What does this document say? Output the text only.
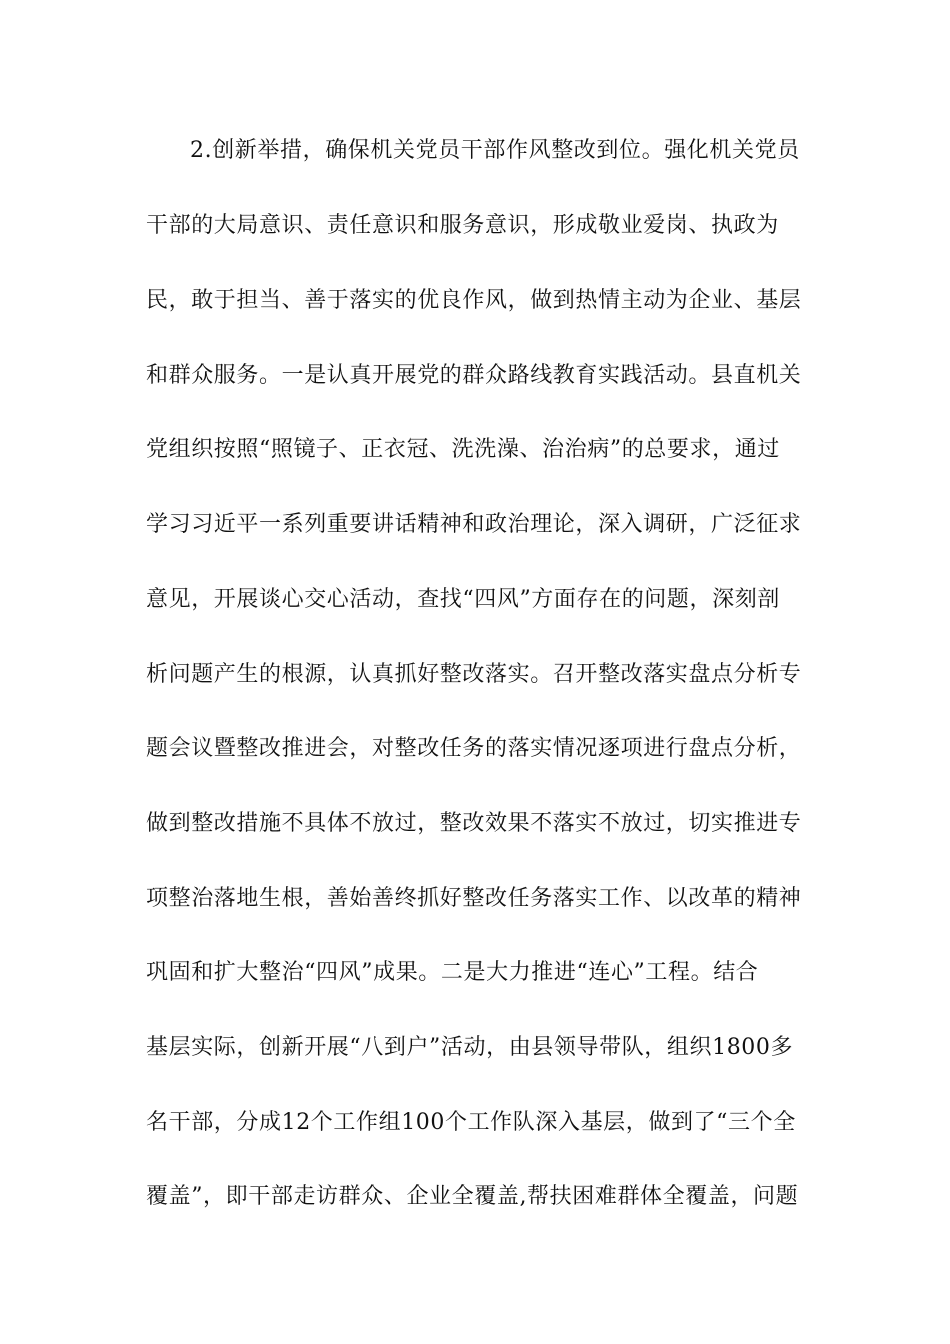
2.创新举措，确保机关党员干部作风整改到位。强化机关党员
干部的大局意识、责任意识和服务意识，形成敬业爱岗、执政为
民，敢于担当、善于落实的优良作风，做到热情主动为企业、基层
和群众服务。一是认真开展党的群众路线教育实践活动。县直机关
党组织按照“照镜子、正衣冠、洗洗澡、治治病”的总要求，通过
学习习近平一系列重要讲话精神和政治理论，深入调研，广泛征求
意见，开展谈心交心活动，查找“四风”方面存在的问题，深刻剖
析问题产生的根源，认真抓好整改落实。召开整改落实盘点分析专
题会议暨整改推进会，对整改任务的落实情况逐项进行盘点分析，
做到整改措施不具体不放过，整改效果不落实不放过，切实推进专
项整治落地生根，善始善终抓好整改任务落实工作、以改革的精神
巩固和扩大整治“四风”成果。二是大力推进“连心”工程。结合
基层实际，创新开展“八到户”活动，由县领导带队，组织1800多
名干部，分成12个工作组100个工作队深入基层，做到了“三个全
覆盖”，即干部走访群众、企业全覆盖,帮扶困难群体全覆盖，问题
